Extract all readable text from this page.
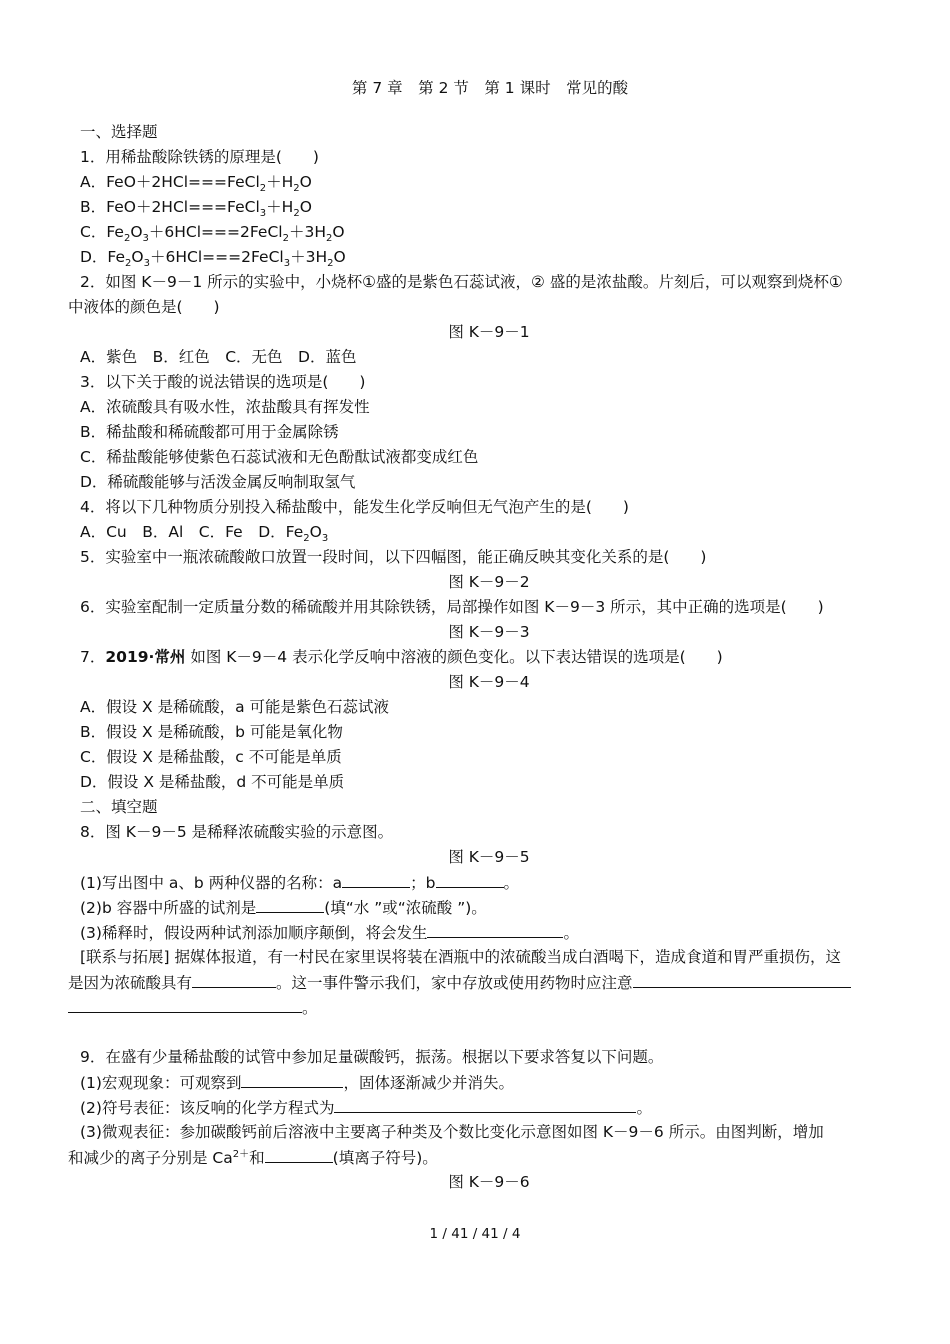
第 7 章　第 2 节　第 1 课时　常见的酸
一、选择题
1．用稀盐酸除铁锈的原理是(　　)
A．$FeO+2HCl===FeCl_2+H_2O$
B．$FeO+2HCl===FeCl_3+H_2O$
C．$Fe_2O_3+6HCl===2FeCl_2+3H_2O$
D．$Fe_2O_3+6HCl===2FeCl_3+3H_2O$
2．如图 K－9－1 所示的实验中，小烧杯①盛的是紫色石蕊试液，② 盛的是浓盐酸。片刻后，可以观察到烧杯①
中液体的颜色是(　　)
图 K－9－1
A．紫色　B．红色　C．无色　D．蓝色
3．以下关于酸的说法错误的选项是(　　)
A．浓硫酸具有吸水性，浓盐酸具有挥发性
B．稀盐酸和稀硫酸都可用于金属除锈
C．稀盐酸能够使紫色石蕊试液和无色酚酞试液都变成红色
D．稀硫酸能够与活泼金属反响制取氢气
4．将以下几种物质分别投入稀盐酸中，能发生化学反响但无气泡产生的是(　　)
A．Cu　B．Al　C．Fe　D．$Fe_2O_3$
5．实验室中一瓶浓硫酸敞口放置一段时间，以下四幅图，能正确反映其变化关系的是(　　)
图 K－9－2
6．实验室配制一定质量分数的稀硫酸并用其除铁锈，局部操作如图 K－9－3 所示，其中正确的选项是(　　)
图 K－9－3
7．2019·常州 如图 K－9－4 表示化学反响中溶液的颜色变化。以下表达错误的选项是(　　)
图 K－9－4
A．假设 X 是稀硫酸，a 可能是紫色石蕊试液
B．假设 X 是稀硫酸，b 可能是氧化物
C．假设 X 是稀盐酸，c 不可能是单质
D．假设 X 是稀盐酸，d 不可能是单质
二、填空题
8．图 K－9－5 是稀释浓硫酸实验的示意图。
图 K－9－5
(1)写出图中 a、b 两种仪器的名称：a	；b	。
(2)b 容器中所盛的试剂是	(填“水 ”或“浓硫酸 ”)。
(3)稀释时，假设两种试剂添加顺序颠倒，将会发生	。
[联系与拓展] 据媒体报道，有一村民在家里误将装在酒瓶中的浓硫酸当成白酒喝下，造成食道和胃严重损伤，这
是因为浓硫酸具有	。这一事件警示我们，家中存放或使用药物时应注意
。
9．在盛有少量稀盐酸的试管中参加足量碳酸钙，振荡。根据以下要求答复以下问题。
(1)宏观现象：可观察到	，固体逐渐减少并消失。
(2)符号表征：该反响的化学方程式为	。
(3)微观表征：参加碳酸钙前后溶液中主要离子种类及个数比变化示意图如图 K－9－6 所示。由图判断，增加
和减少的离子分别是 $Ca^{2+}$和	(填离子符号)。
图 K－9－6
1 / 41 / 41 / 4
